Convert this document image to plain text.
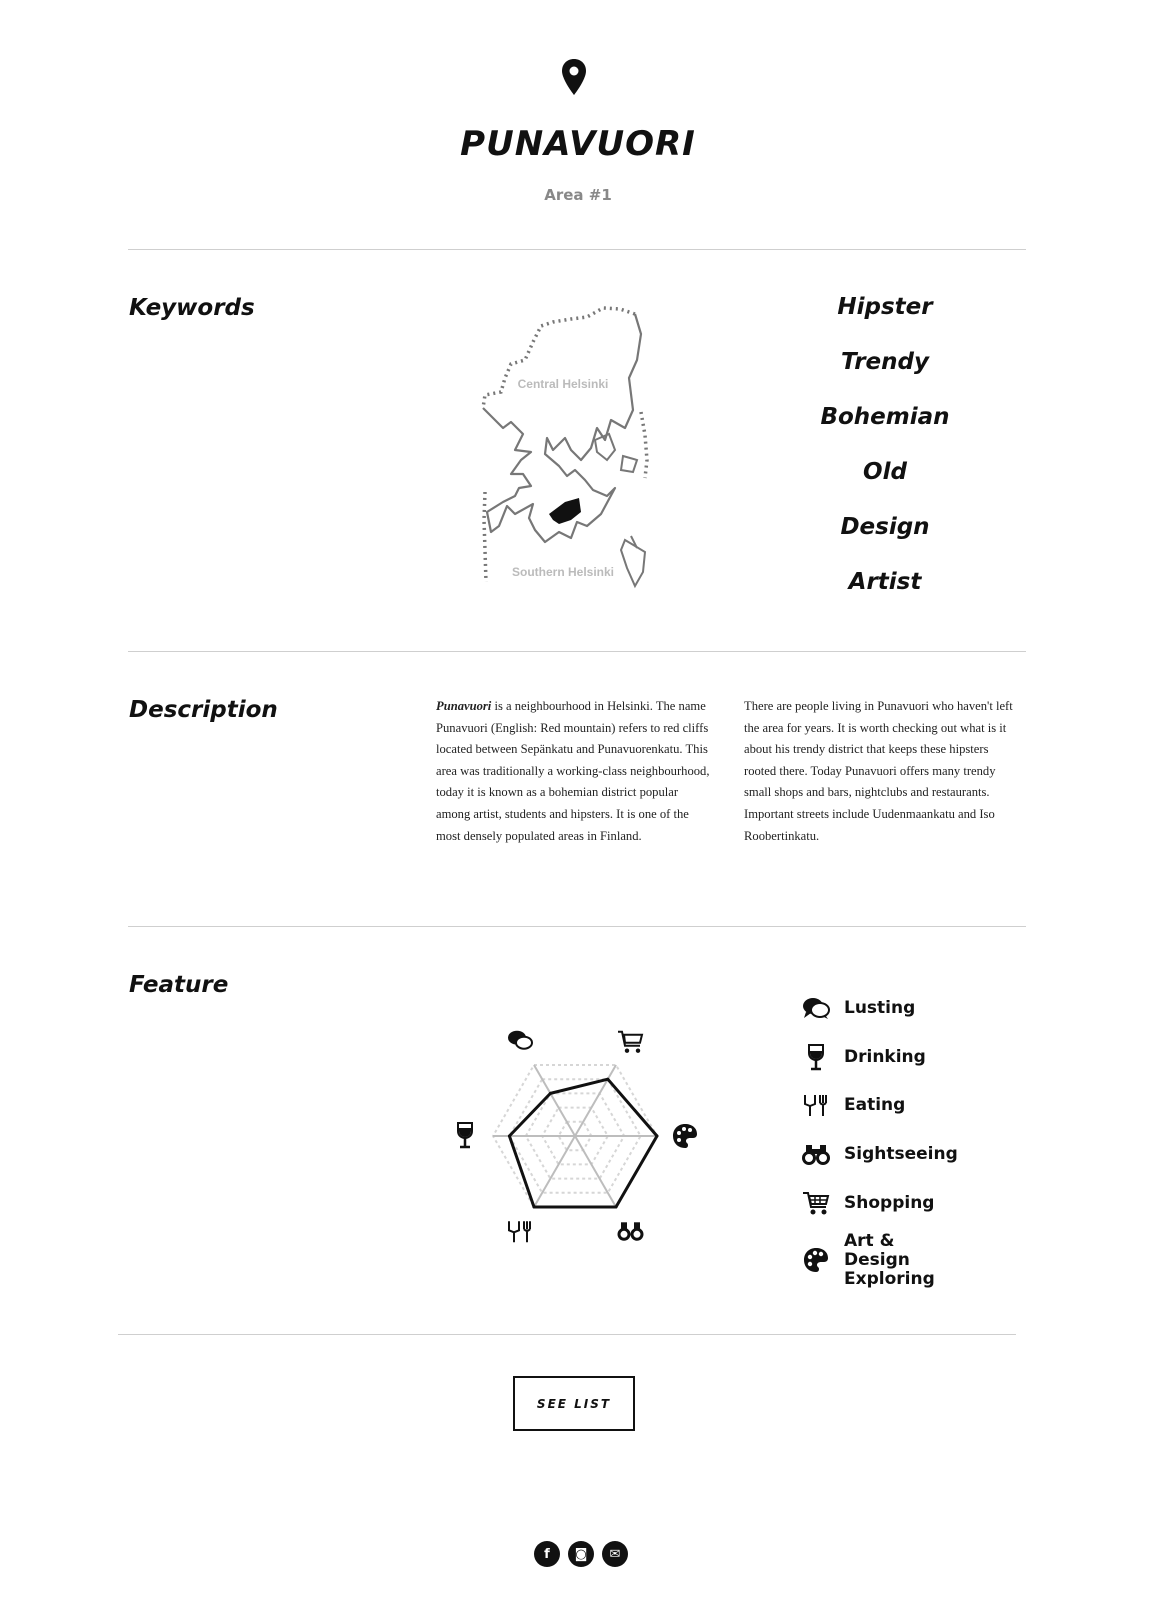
PUNAVUORI
Area #1
Keywords
Central Helsinki
Southern Helsinki
Hipster
Trendy
Bohemian
Old
Design
Artist
Description	Punavuori is a neighbourhood in Helsinki. The name Punavuori (English: Red mountain) refers to red cliffs located between Sepänkatu and Punavuorenkatu. This area was traditionally a working-class neighbourhood, today it is known as a bohemian district popular among artist, students and hipsters. It is one of the most densely populated areas in Finland.
There are people living in Punavuori who haven't left the area for years. It is worth checking out what is it about his trendy district that keeps these hipsters rooted there. Today Punavuori offers many trendy small shops and bars, nightclubs and restaurants. Important streets include Uudenmaankatu and Iso Roobertinkatu.
Feature
Lusting
Drinking
Eating
Sightseeing
Shopping
Art & Design Exploring
SEE LIST
f	◙	✉
